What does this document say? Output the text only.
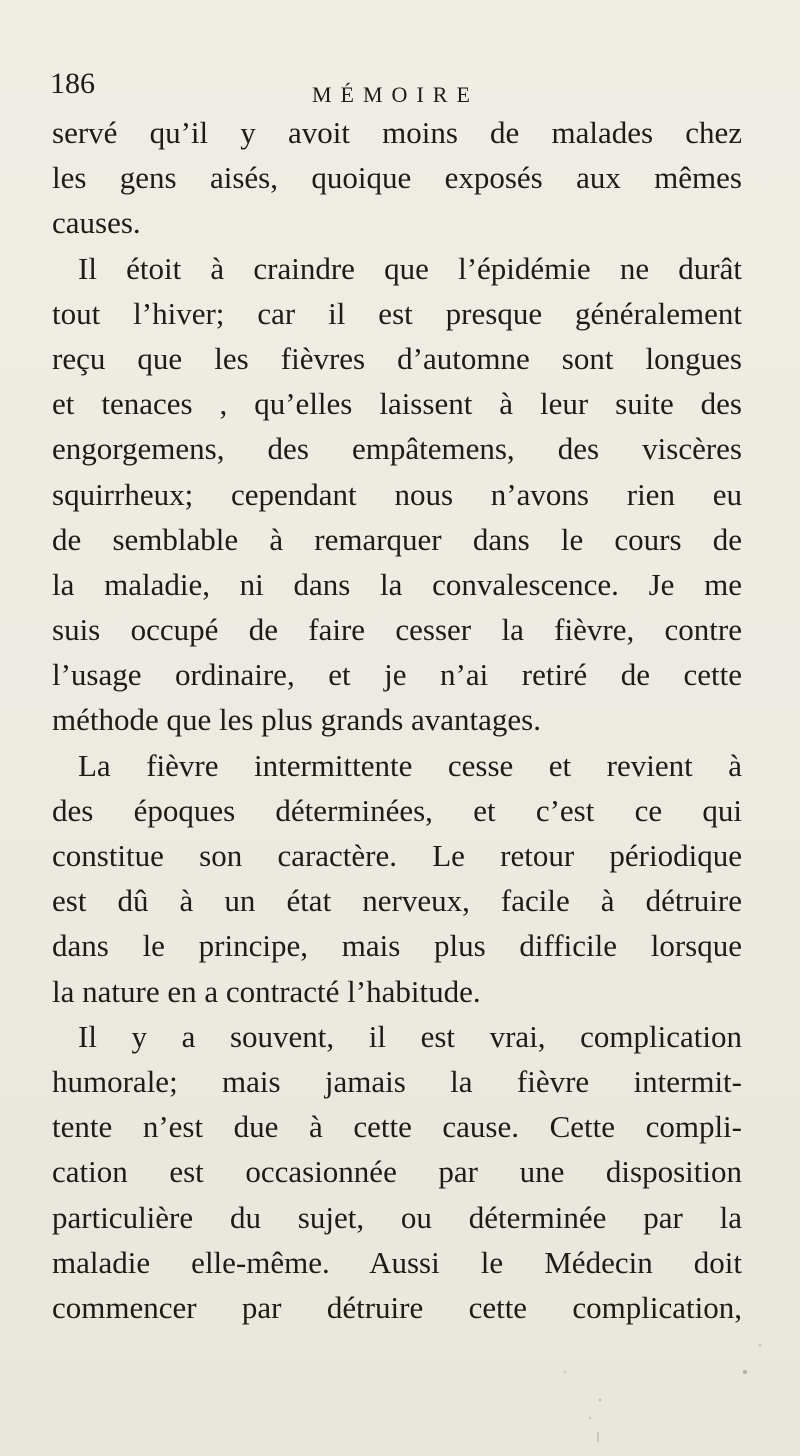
186	MÉMOIRE
servé qu’il y avoit moins de malades chez
les gens aisés, quoique exposés aux mêmes
causes.
Il étoit à craindre que l’épidémie ne durât
tout l’hiver; car il est presque généralement
reçu que les fièvres d’automne sont longues
et tenaces , qu’elles laissent à leur suite des
engorgemens, des empâtemens, des viscères
squirrheux; cependant nous n’avons rien eu
de semblable à remarquer dans le cours de
la maladie, ni dans la convalescence. Je me
suis occupé de faire cesser la fièvre, contre
l’usage ordinaire, et je n’ai retiré de cette
méthode que les plus grands avantages.
La fièvre intermittente cesse et revient à
des époques déterminées, et c’est ce qui
constitue son caractère. Le retour périodique
est dû à un état nerveux, facile à détruire
dans le principe, mais plus difficile lorsque
la nature en a contracté l’habitude.
Il y a souvent, il est vrai, complication
humorale; mais jamais la fièvre intermit-
tente n’est due à cette cause. Cette compli-
cation est occasionnée par une disposition
particulière du sujet, ou déterminée par la
maladie elle-même. Aussi le Médecin doit
commencer par détruire cette complication,
